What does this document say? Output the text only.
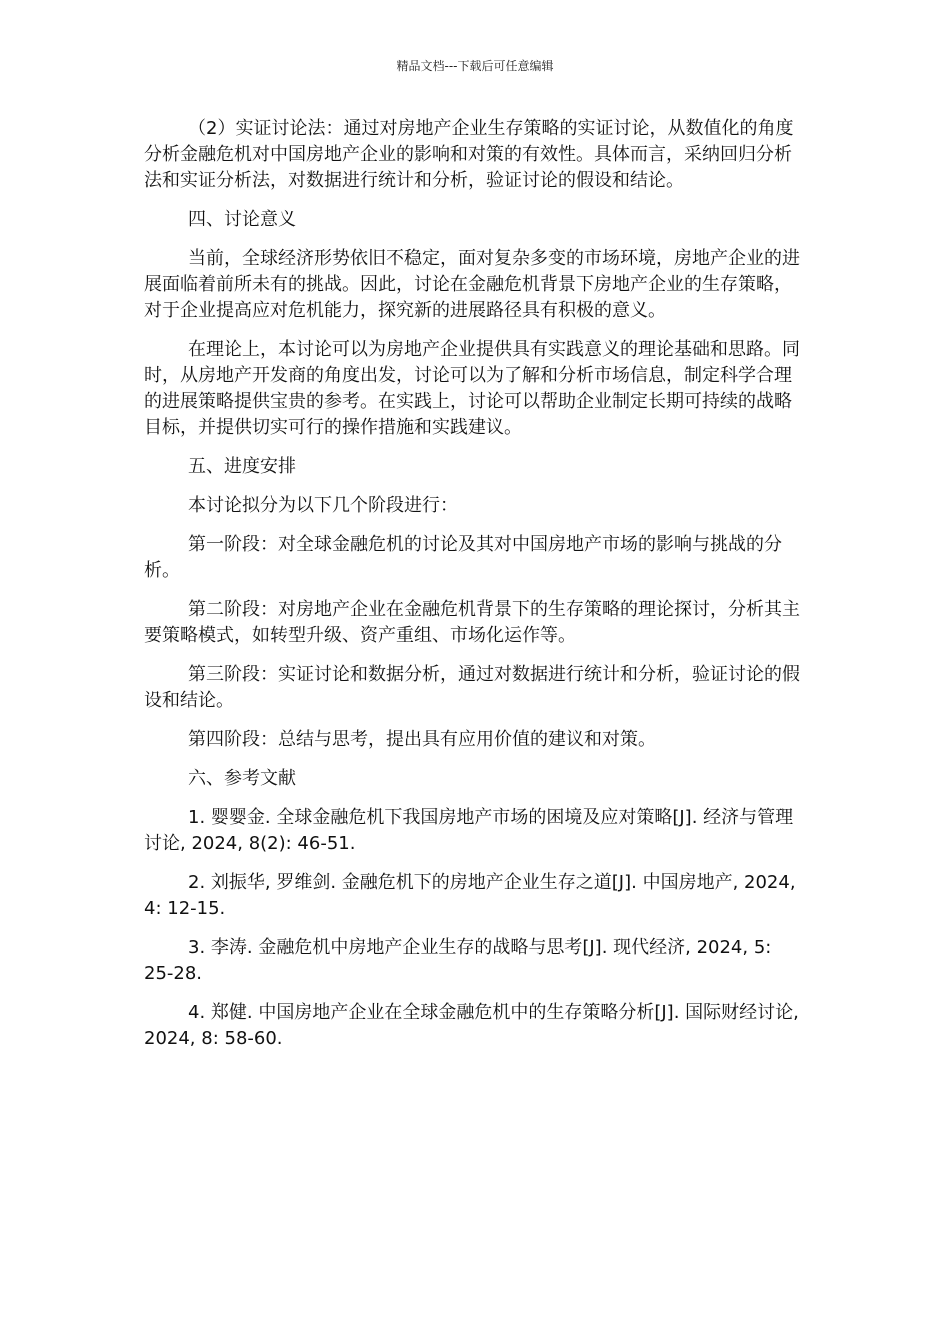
精品文档---下载后可任意编辑

（2）实证讨论法：通过对房地产企业生存策略的实证讨论，从数值化的角度分析金融危机对中国房地产企业的影响和对策的有效性。具体而言，采纳回归分析法和实证分析法，对数据进行统计和分析，验证讨论的假设和结论。

四、讨论意义

当前，全球经济形势依旧不稳定，面对复杂多变的市场环境，房地产企业的进展面临着前所未有的挑战。因此，讨论在金融危机背景下房地产企业的生存策略，对于企业提高应对危机能力，探究新的进展路径具有积极的意义。

在理论上，本讨论可以为房地产企业提供具有实践意义的理论基础和思路。同时，从房地产开发商的角度出发，讨论可以为了解和分析市场信息，制定科学合理的进展策略提供宝贵的参考。在实践上，讨论可以帮助企业制定长期可持续的战略目标，并提供切实可行的操作措施和实践建议。

五、进度安排

本讨论拟分为以下几个阶段进行：

第一阶段：对全球金融危机的讨论及其对中国房地产市场的影响与挑战的分析。

第二阶段：对房地产企业在金融危机背景下的生存策略的理论探讨，分析其主要策略模式，如转型升级、资产重组、市场化运作等。

第三阶段：实证讨论和数据分析，通过对数据进行统计和分析，验证讨论的假设和结论。

第四阶段：总结与思考，提出具有应用价值的建议和对策。

六、参考文献

1. 婴婴金. 全球金融危机下我国房地产市场的困境及应对策略[J]. 经济与管理讨论, 2024, 8(2): 46-51.

2. 刘振华, 罗维剑. 金融危机下的房地产企业生存之道[J]. 中国房地产, 2024, 4: 12-15.

3. 李涛. 金融危机中房地产企业生存的战略与思考[J]. 现代经济, 2024, 5: 25-28.

4. 郑健. 中国房地产企业在全球金融危机中的生存策略分析[J]. 国际财经讨论, 2024, 8: 58-60.
